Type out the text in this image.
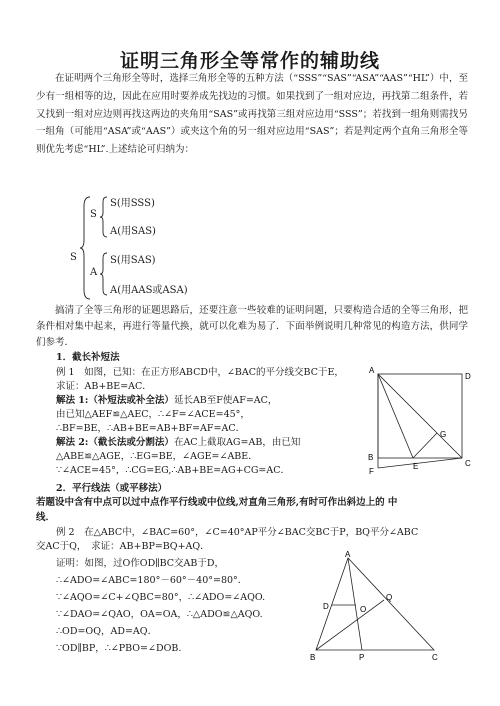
证明三角形全等常作的辅助线

在证明两个三角形全等时，选择三角形全等的五种方法（“SSS”“SAS”“ASA”“AAS”“HL”）中，至少有一组相等的边，因此在应用时要养成先找边的习惯。如果找到了一组对应边，再找第二组条件，若又找到一组对应边则再找这两边的夹角用“SAS”或再找第三组对应边用“SSS”；若找到一组角则需找另一组角（可能用“ASA”或“AAS”）或夹这个角的另一组对应边用“SAS”；若是判定两个直角三角形全等则优先考虑“HL”.上述结论可归纳为：

S
S
S(用SSS)
A(用SAS)
A
S(用SAS)
A(用AAS或ASA)

搞清了全等三角形的证题思路后，还要注意一些较难的证明问题，只要构造合适的全等三角形，把条件相对集中起来，再进行等量代换，就可以化难为易了．下面举例说明几种常见的构造方法，供同学们参考．

1．截长补短法
例 1　如图，已知：在正方形ABCD中，∠BAC的平分线交BC于E，
求证：AB+BE=AC．
解法 1:（补短法或补全法）延长AB至F使AF=AC，
由已知△AEF≌△AEC，∴∠F=∠ACE=45°，
∴BF=BE，∴AB+BE=AB+BF=AF=AC．
解法 2:（截长法或分割法）在AC上截取AG=AB，由已知
△ABE≌△AGE，∴EG=BE，∠AGE=∠ABE．
∵∠ACE=45°，∴CG=EG,∴AB+BE=AG+CG=AC．
A
D
G
B
E	C
F
2．平行线法（或平移法）
若题设中含有中点可以过中点作平行线或中位线,对直角三角形,有时可作出斜边上的 中
线．
例 2　在△ABC中，∠BAC=60°，∠C=40°AP平分∠BAC交BC于P，BQ平分∠ABC
交AC于Q，　求证：AB+BP=BQ+AQ．
证明：如图，过O作OD∥BC交AB于D，
∴∠ADO=∠ABC=180°－60°－40°=80°．
∵∠AQO=∠C+∠QBC=80°，∴∠ADO=∠AQO.
∵∠DAO=∠QAO，OA=OA，∴△ADO≌△AQO.
∴OD=OQ，AD=AQ．
∵OD∥BP，∴∠PBO=∠DOB.
A
D	O
Q
B	P	C
